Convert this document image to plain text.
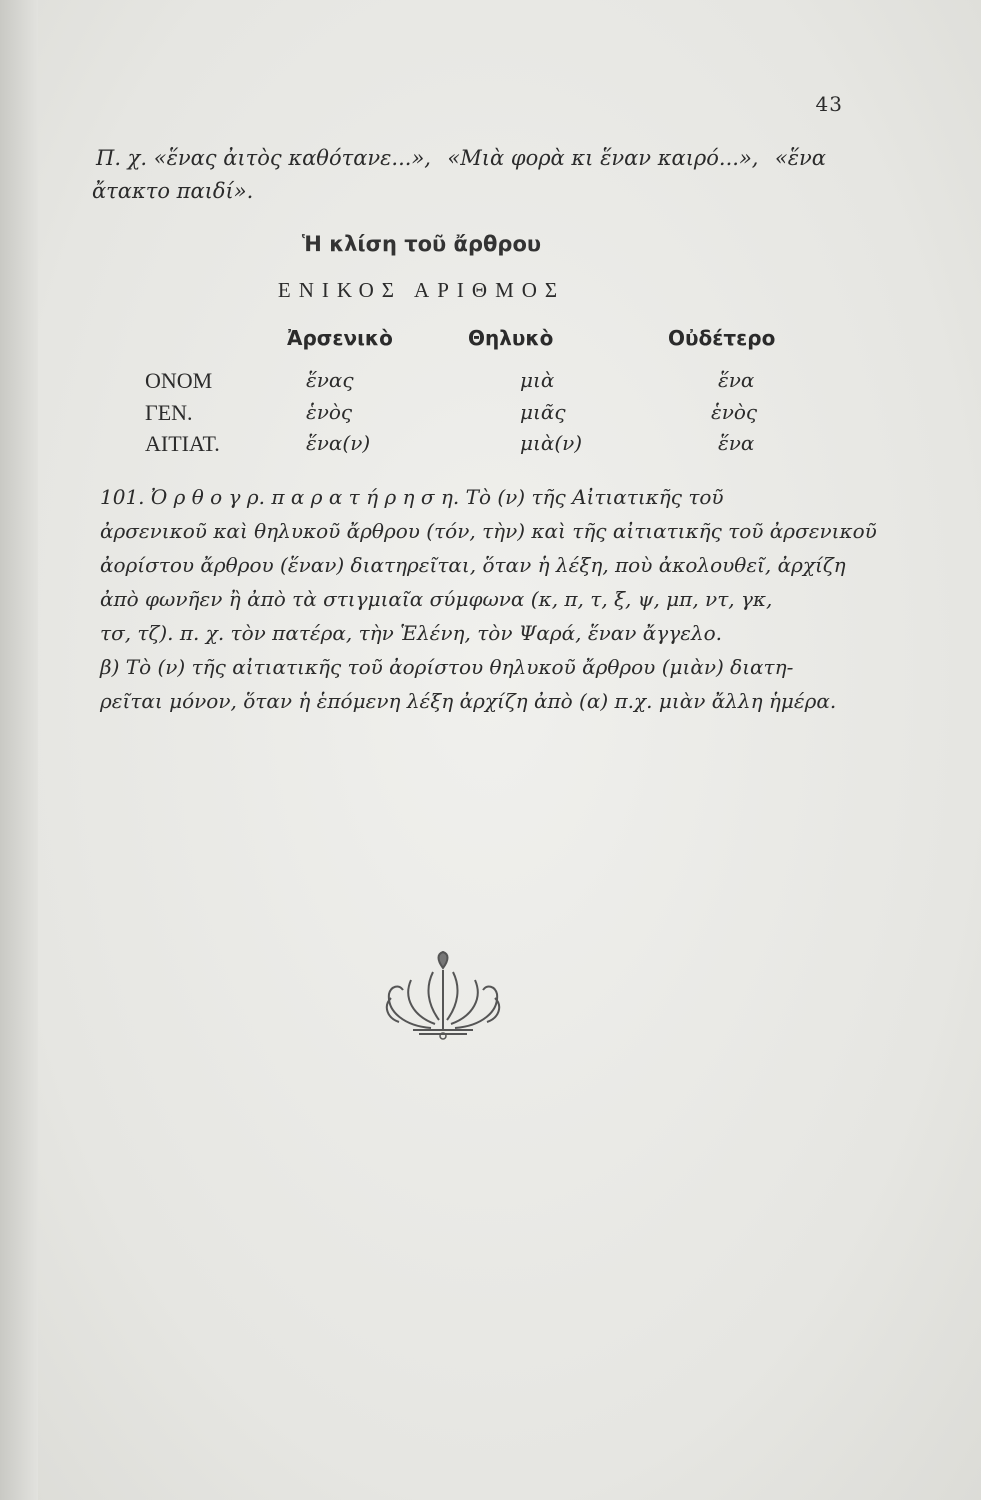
43
Π. χ. «ἕνας ἀιτὸς καθότανε...», «Μιὰ φορὰ κι ἕναν καιρό...», «ἕνα
ἄτακτο παιδί».
Ἡ κλίση τοῦ ἄρθρου
ΕΝΙΚΟΣ ΑΡΙΘΜΟΣ
Ἀρσενικὸ	Θηλυκὸ	Οὐδέτερο
ΟΝΟΜ	ἕνας	μιὰ	ἕνα
ΓΕΝ.	ἑνὸς	μιᾶς	ἑνὸς
ΑΙΤΙΑΤ.	ἕνα(ν)	μιὰ(ν)	ἕνα
101. Ὀ ρ θ ο γ ρ. π α ρ α τ ή ρ η σ η. Τὸ (ν) τῆς Αἰτιατικῆς τοῦ
ἀρσενικοῦ καὶ θηλυκοῦ ἄρθρου (τόν, τὴν) καὶ τῆς αἰτιατικῆς τοῦ ἀρσενικοῦ
ἀορίστου ἄρθρου (ἕναν) διατηρεῖται, ὅταν ἡ λέξη, ποὺ ἀκολουθεῖ, ἀρχίζη
ἀπὸ φωνῆεν ἢ ἀπὸ τὰ στιγμιαῖα σύμφωνα (κ, π, τ, ξ, ψ, μπ, ντ, γκ,
τσ, τζ). π. χ. τὸν πατέρα, τὴν Ἑλένη, τὸν Ψαρά, ἕναν ἄγγελο.
β) Τὸ (ν) τῆς αἰτιατικῆς τοῦ ἀορίστου θηλυκοῦ ἄρθρου (μιὰν) διατη-
ρεῖται μόνον, ὅταν ἡ ἑπόμενη λέξη ἀρχίζη ἀπὸ (α) π.χ. μιὰν ἄλλη ἡμέρα.
